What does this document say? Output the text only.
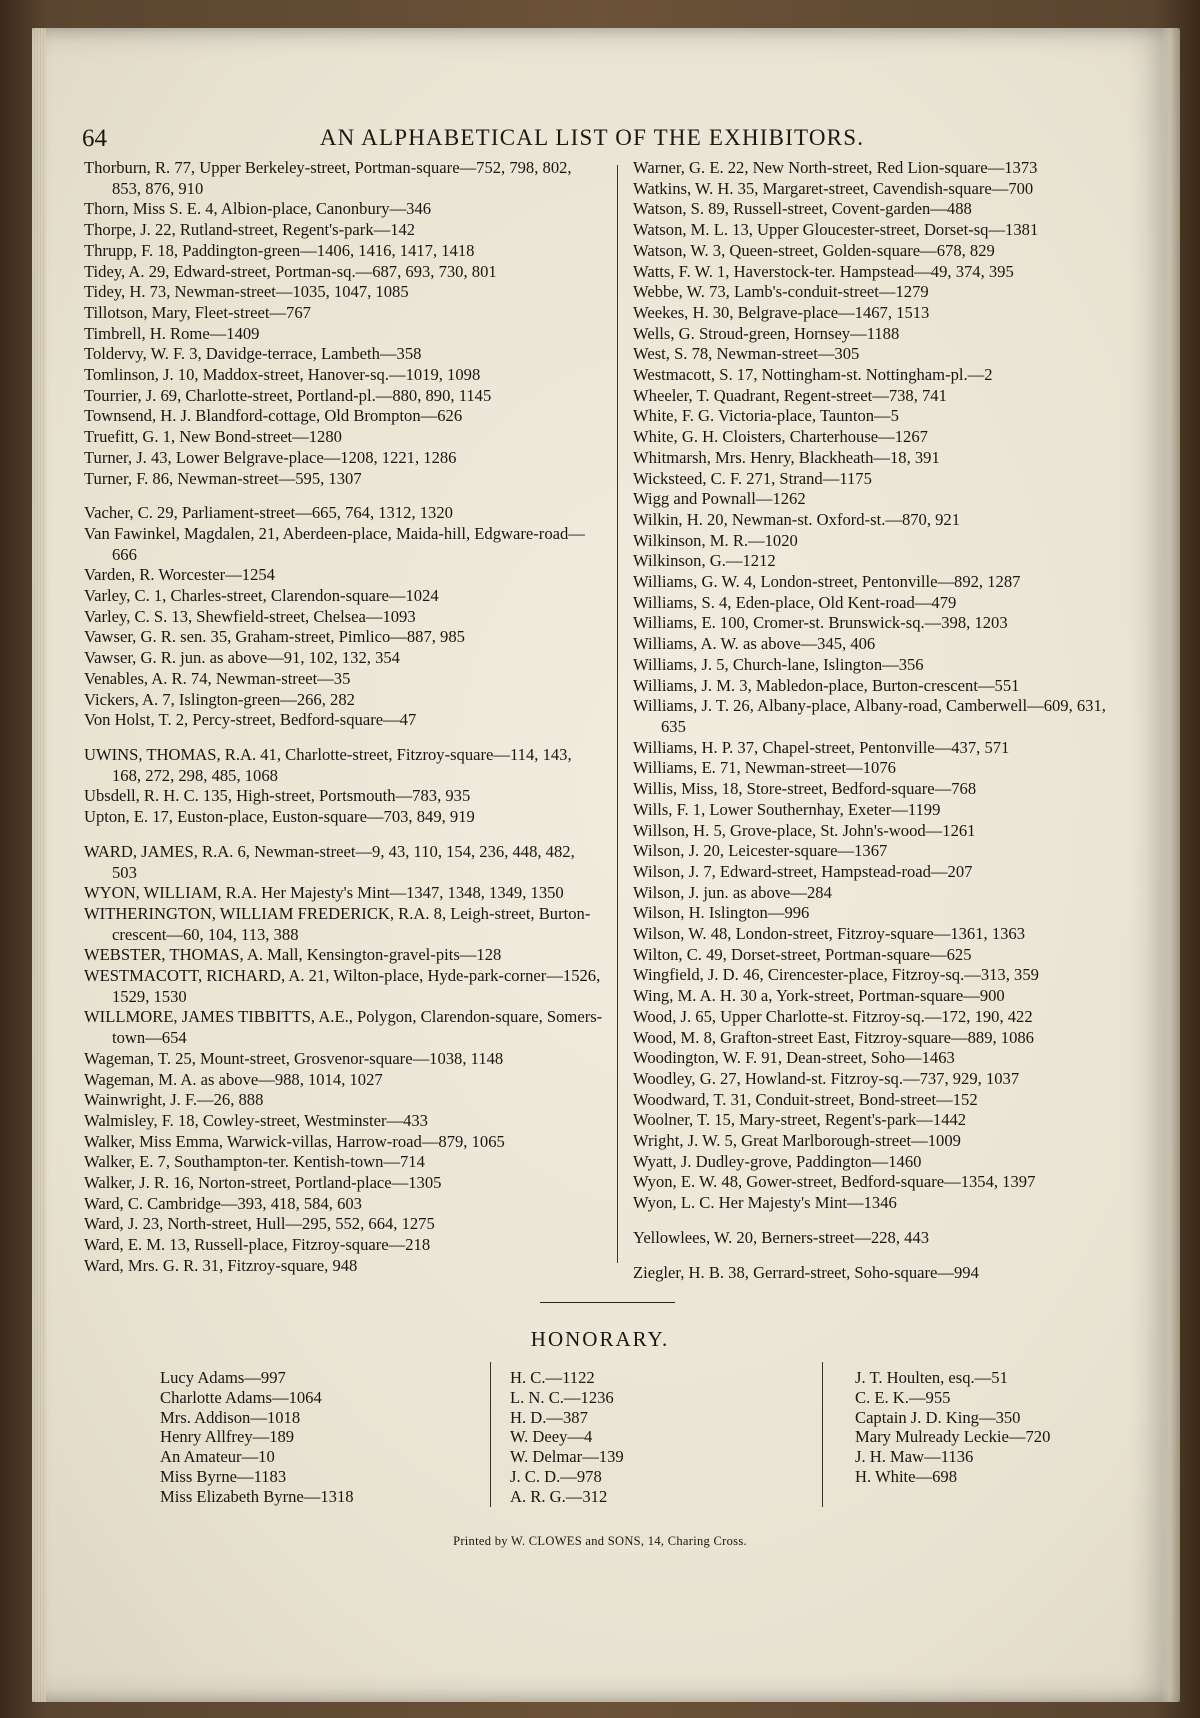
64	AN ALPHABETICAL LIST OF THE EXHIBITORS.
Thorburn, R. 77, Upper Berkeley-street, Portman-square—752, 798, 802, 853, 876, 910
Thorn, Miss S. E. 4, Albion-place, Canonbury—346
Thorpe, J. 22, Rutland-street, Regent's-park—142
Thrupp, F. 18, Paddington-green—1406, 1416, 1417, 1418
Tidey, A. 29, Edward-street, Portman-sq.—687, 693, 730, 801
Tidey, H. 73, Newman-street—1035, 1047, 1085
Tillotson, Mary, Fleet-street—767
Timbrell, H. Rome—1409
Toldervy, W. F. 3, Davidge-terrace, Lambeth—358
Tomlinson, J. 10, Maddox-street, Hanover-sq.—1019, 1098
Tourrier, J. 69, Charlotte-street, Portland-pl.—880, 890, 1145
Townsend, H. J. Blandford-cottage, Old Brompton—626
Truefitt, G. 1, New Bond-street—1280
Turner, J. 43, Lower Belgrave-place—1208, 1221, 1286
Turner, F. 86, Newman-street—595, 1307
Vacher, C. 29, Parliament-street—665, 764, 1312, 1320
Van Fawinkel, Magdalen, 21, Aberdeen-place, Maida-hill, Edgware-road—666
Varden, R. Worcester—1254
Varley, C. 1, Charles-street, Clarendon-square—1024
Varley, C. S. 13, Shewfield-street, Chelsea—1093
Vawser, G. R. sen. 35, Graham-street, Pimlico—887, 985
Vawser, G. R. jun. as above—91, 102, 132, 354
Venables, A. R. 74, Newman-street—35
Vickers, A. 7, Islington-green—266, 282
Von Holst, T. 2, Percy-street, Bedford-square—47
UWINS, THOMAS, R.A. 41, Charlotte-street, Fitzroy-square—114, 143, 168, 272, 298, 485, 1068
Ubsdell, R. H. C. 135, High-street, Portsmouth—783, 935
Upton, E. 17, Euston-place, Euston-square—703, 849, 919
WARD, JAMES, R.A. 6, Newman-street—9, 43, 110, 154, 236, 448, 482, 503
WYON, WILLIAM, R.A. Her Majesty's Mint—1347, 1348, 1349, 1350
WITHERINGTON, WILLIAM FREDERICK, R.A. 8, Leigh-street, Burton-crescent—60, 104, 113, 388
WEBSTER, THOMAS, A. Mall, Kensington-gravel-pits—128
WESTMACOTT, RICHARD, A. 21, Wilton-place, Hyde-park-corner—1526, 1529, 1530
WILLMORE, JAMES TIBBITTS, A.E., Polygon, Clarendon-square, Somers-town—654
Wageman, T. 25, Mount-street, Grosvenor-square—1038, 1148
Wageman, M. A. as above—988, 1014, 1027
Wainwright, J. F.—26, 888
Walmisley, F. 18, Cowley-street, Westminster—433
Walker, Miss Emma, Warwick-villas, Harrow-road—879, 1065
Walker, E. 7, Southampton-ter. Kentish-town—714
Walker, J. R. 16, Norton-street, Portland-place—1305
Ward, C. Cambridge—393, 418, 584, 603
Ward, J. 23, North-street, Hull—295, 552, 664, 1275
Ward, E. M. 13, Russell-place, Fitzroy-square—218
Ward, Mrs. G. R. 31, Fitzroy-square, 948
Warner, G. E. 22, New North-street, Red Lion-square—1373
Watkins, W. H. 35, Margaret-street, Cavendish-square—700
Watson, S. 89, Russell-street, Covent-garden—488
Watson, M. L. 13, Upper Gloucester-street, Dorset-sq—1381
Watson, W. 3, Queen-street, Golden-square—678, 829
Watts, F. W. 1, Haverstock-ter. Hampstead—49, 374, 395
Webbe, W. 73, Lamb's-conduit-street—1279
Weekes, H. 30, Belgrave-place—1467, 1513
Wells, G. Stroud-green, Hornsey—1188
West, S. 78, Newman-street—305
Westmacott, S. 17, Nottingham-st. Nottingham-pl.—2
Wheeler, T. Quadrant, Regent-street—738, 741
White, F. G. Victoria-place, Taunton—5
White, G. H. Cloisters, Charterhouse—1267
Whitmarsh, Mrs. Henry, Blackheath—18, 391
Wicksteed, C. F. 271, Strand—1175
Wigg and Pownall—1262
Wilkin, H. 20, Newman-st. Oxford-st.—870, 921
Wilkinson, M. R.—1020
Wilkinson, G.—1212
Williams, G. W. 4, London-street, Pentonville—892, 1287
Williams, S. 4, Eden-place, Old Kent-road—479
Williams, E. 100, Cromer-st. Brunswick-sq.—398, 1203
Williams, A. W. as above—345, 406
Williams, J. 5, Church-lane, Islington—356
Williams, J. M. 3, Mabledon-place, Burton-crescent—551
Williams, J. T. 26, Albany-place, Albany-road, Camberwell—609, 631, 635
Williams, H. P. 37, Chapel-street, Pentonville—437, 571
Williams, E. 71, Newman-street—1076
Willis, Miss, 18, Store-street, Bedford-square—768
Wills, F. 1, Lower Southernhay, Exeter—1199
Willson, H. 5, Grove-place, St. John's-wood—1261
Wilson, J. 20, Leicester-square—1367
Wilson, J. 7, Edward-street, Hampstead-road—207
Wilson, J. jun. as above—284
Wilson, H. Islington—996
Wilson, W. 48, London-street, Fitzroy-square—1361, 1363
Wilton, C. 49, Dorset-street, Portman-square—625
Wingfield, J. D. 46, Cirencester-place, Fitzroy-sq.—313, 359
Wing, M. A. H. 30 a, York-street, Portman-square—900
Wood, J. 65, Upper Charlotte-st. Fitzroy-sq.—172, 190, 422
Wood, M. 8, Grafton-street East, Fitzroy-square—889, 1086
Woodington, W. F. 91, Dean-street, Soho—1463
Woodley, G. 27, Howland-st. Fitzroy-sq.—737, 929, 1037
Woodward, T. 31, Conduit-street, Bond-street—152
Woolner, T. 15, Mary-street, Regent's-park—1442
Wright, J. W. 5, Great Marlborough-street—1009
Wyatt, J. Dudley-grove, Paddington—1460
Wyon, E. W. 48, Gower-street, Bedford-square—1354, 1397
Wyon, L. C. Her Majesty's Mint—1346
Yellowlees, W. 20, Berners-street—228, 443
Ziegler, H. B. 38, Gerrard-street, Soho-square—994
HONORARY.
Lucy Adams—997
Charlotte Adams—1064
Mrs. Addison—1018
Henry Allfrey—189
An Amateur—10
Miss Byrne—1183
Miss Elizabeth Byrne—1318
H. C.—1122
L. N. C.—1236
H. D.—387
W. Deey—4
W. Delmar—139
J. C. D.—978
A. R. G.—312
J. T. Houlten, esq.—51
C. E. K.—955
Captain J. D. King—350
Mary Mulready Leckie—720
J. H. Maw—1136
H. White—698
Printed by W. CLOWES and SONS, 14, Charing Cross.
